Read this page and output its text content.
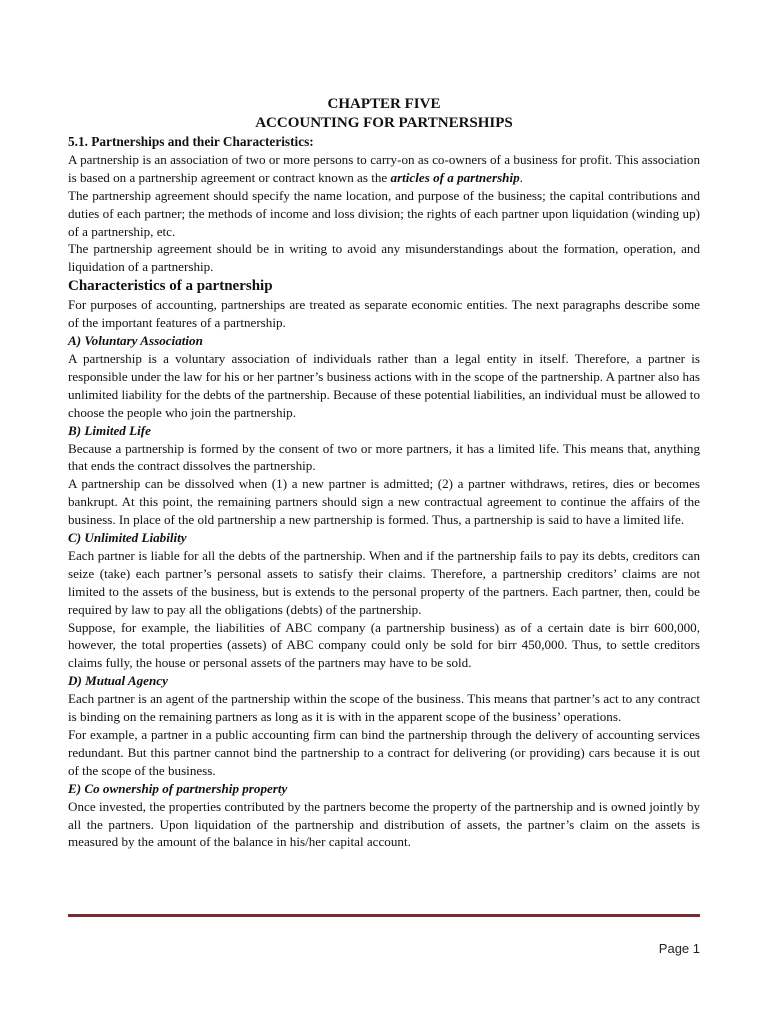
CHAPTER FIVE
ACCOUNTING FOR PARTNERSHIPS
5.1. Partnerships and their Characteristics:

A partnership is an association of two or more persons to carry-on as co-owners of a business for profit. This association is based on a partnership agreement or contract known as the articles of a partnership.

The partnership agreement should specify the name location, and purpose of the business; the capital contributions and duties of each partner; the methods of income and loss division; the rights of each partner upon liquidation (winding up) of a partnership, etc.

The partnership agreement should be in writing to avoid any misunderstandings about the formation, operation, and liquidation of a partnership.

Characteristics of a partnership

For purposes of accounting, partnerships are treated as separate economic entities. The next paragraphs describe some of the important features of a partnership.

A) Voluntary Association

A partnership is a voluntary association of individuals rather than a legal entity in itself. Therefore, a partner is responsible under the law for his or her partner’s business actions with in the scope of the partnership. A partner also has unlimited liability for the debts of the partnership. Because of these potential liabilities, an individual must be allowed to choose the people who join the partnership.

B) Limited Life

Because a partnership is formed by the consent of two or more partners, it has a limited life. This means that, anything that ends the contract dissolves the partnership.

A partnership can be dissolved when (1) a new partner is admitted; (2) a partner withdraws, retires, dies or becomes bankrupt. At this point, the remaining partners should sign a new contractual agreement to continue the affairs of the business. In place of the old partnership a new partnership is formed. Thus, a partnership is said to have a limited life.

C) Unlimited Liability

Each partner is liable for all the debts of the partnership. When and if the partnership fails to pay its debts, creditors can seize (take) each partner’s personal assets to satisfy their claims. Therefore, a partnership creditors’ claims are not limited to the assets of the business, but is extends to the personal property of the partners. Each partner, then, could be required by law to pay all the obligations (debts) of the partnership.

Suppose, for example, the liabilities of ABC company (a partnership business) as of a certain date is birr 600,000, however, the total properties (assets) of ABC company could only be sold for birr 450,000. Thus, to settle creditors claims fully, the house or personal assets of the partners may have to be sold.

D) Mutual Agency

Each partner is an agent of the partnership within the scope of the business. This means that partner’s act to any contract is binding on the remaining partners as long as it is with in the apparent scope of the business’ operations.

For example, a partner in a public accounting firm can bind the partnership through the delivery of accounting services redundant. But this partner cannot bind the partnership to a contract for delivering (or providing) cars because it is out of the scope of the business.

E) Co ownership of partnership property

Once invested, the properties contributed by the partners become the property of the partnership and is owned jointly by all the partners. Upon liquidation of the partnership and distribution of assets, the partner’s claim on the assets is measured by the amount of the balance in his/her capital account.

Page 1
